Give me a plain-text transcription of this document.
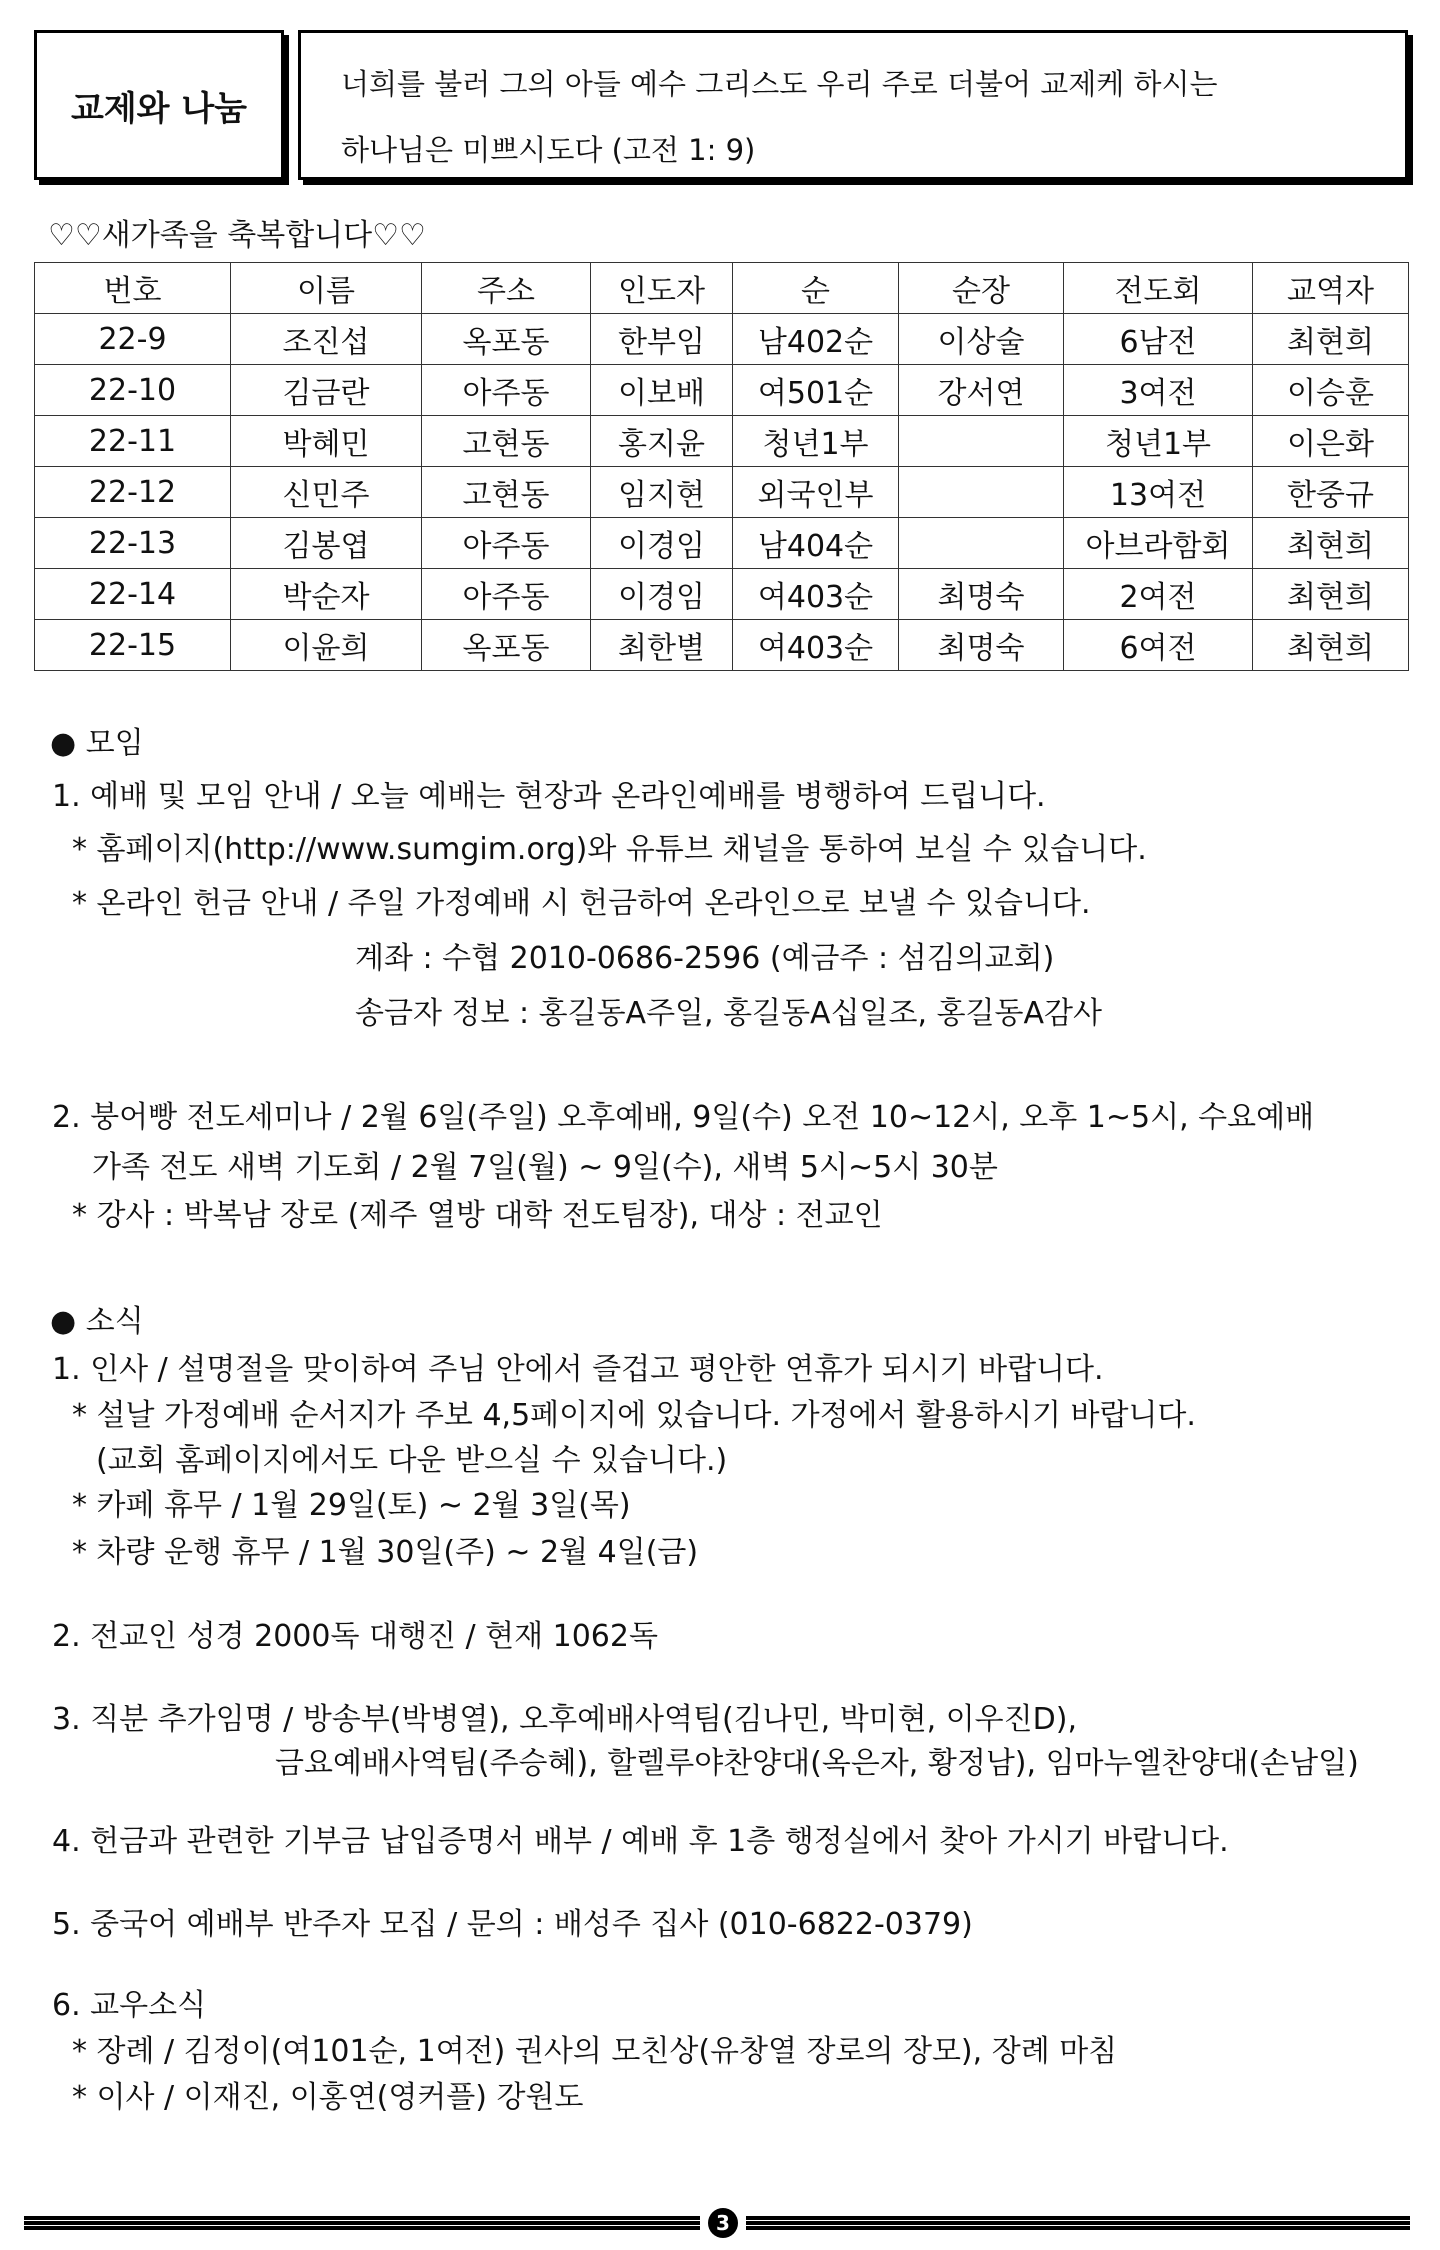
교제와 나눔
너희를 불러 그의 아들 예수 그리스도 우리 주로 더불어 교제케 하시는
하나님은 미쁘시도다 (고전 1: 9)
♡♡새가족을 축복합니다♡♡
번호	이름	주소	인도자	순	순장	전도회	교역자
22-9	조진섭	옥포동	한부임	남402순	이상술	6남전	최현희
22-10	김금란	아주동	이보배	여501순	강서연	3여전	이승훈
22-11	박혜민	고현동	홍지윤	청년1부		청년1부	이은화
22-12	신민주	고현동	임지현	외국인부		13여전	한중규
22-13	김봉엽	아주동	이경임	남404순		아브라함회	최현희
22-14	박순자	아주동	이경임	여403순	최명숙	2여전	최현희
22-15	이윤희	옥포동	최한별	여403순	최명숙	6여전	최현희
● 모임
1. 예배 및 모임 안내 / 오늘 예배는 현장과 온라인예배를 병행하여 드립니다.
* 홈페이지(http://www.sumgim.org)와 유튜브 채널을 통하여 보실 수 있습니다.
* 온라인 헌금 안내 / 주일 가정예배 시 헌금하여 온라인으로 보낼 수 있습니다.
계좌 : 수협 2010-0686-2596 (예금주 : 섬김의교회)
송금자 정보 : 홍길동A주일, 홍길동A십일조, 홍길동A감사
2. 붕어빵 전도세미나 / 2월 6일(주일) 오후예배, 9일(수) 오전 10~12시, 오후 1~5시, 수요예배
가족 전도 새벽 기도회 / 2월 7일(월) ~ 9일(수), 새벽 5시~5시 30분
* 강사 : 박복남 장로 (제주 열방 대학 전도팀장), 대상 : 전교인
● 소식
1. 인사 / 설명절을 맞이하여 주님 안에서 즐겁고 평안한 연휴가 되시기 바랍니다.
* 설날 가정예배 순서지가 주보 4,5페이지에 있습니다. 가정에서 활용하시기 바랍니다.
(교회 홈페이지에서도 다운 받으실 수 있습니다.)
* 카페 휴무 / 1월 29일(토) ~ 2월 3일(목)
* 차량 운행 휴무 / 1월 30일(주) ~ 2월 4일(금)
2. 전교인 성경 2000독 대행진 / 현재 1062독
3. 직분 추가임명 / 방송부(박병열), 오후예배사역팀(김나민, 박미현, 이우진D),
금요예배사역팀(주승혜), 할렐루야찬양대(옥은자, 황정남), 임마누엘찬양대(손남일)
4. 헌금과 관련한 기부금 납입증명서 배부 / 예배 후 1층 행정실에서 찾아 가시기 바랍니다.
5. 중국어 예배부 반주자 모집 / 문의 : 배성주 집사 (010-6822-0379)
6. 교우소식
* 장례 / 김정이(여101순, 1여전) 권사의 모친상(유창열 장로의 장모), 장례 마침
* 이사 / 이재진, 이홍연(영커플) 강원도
3
